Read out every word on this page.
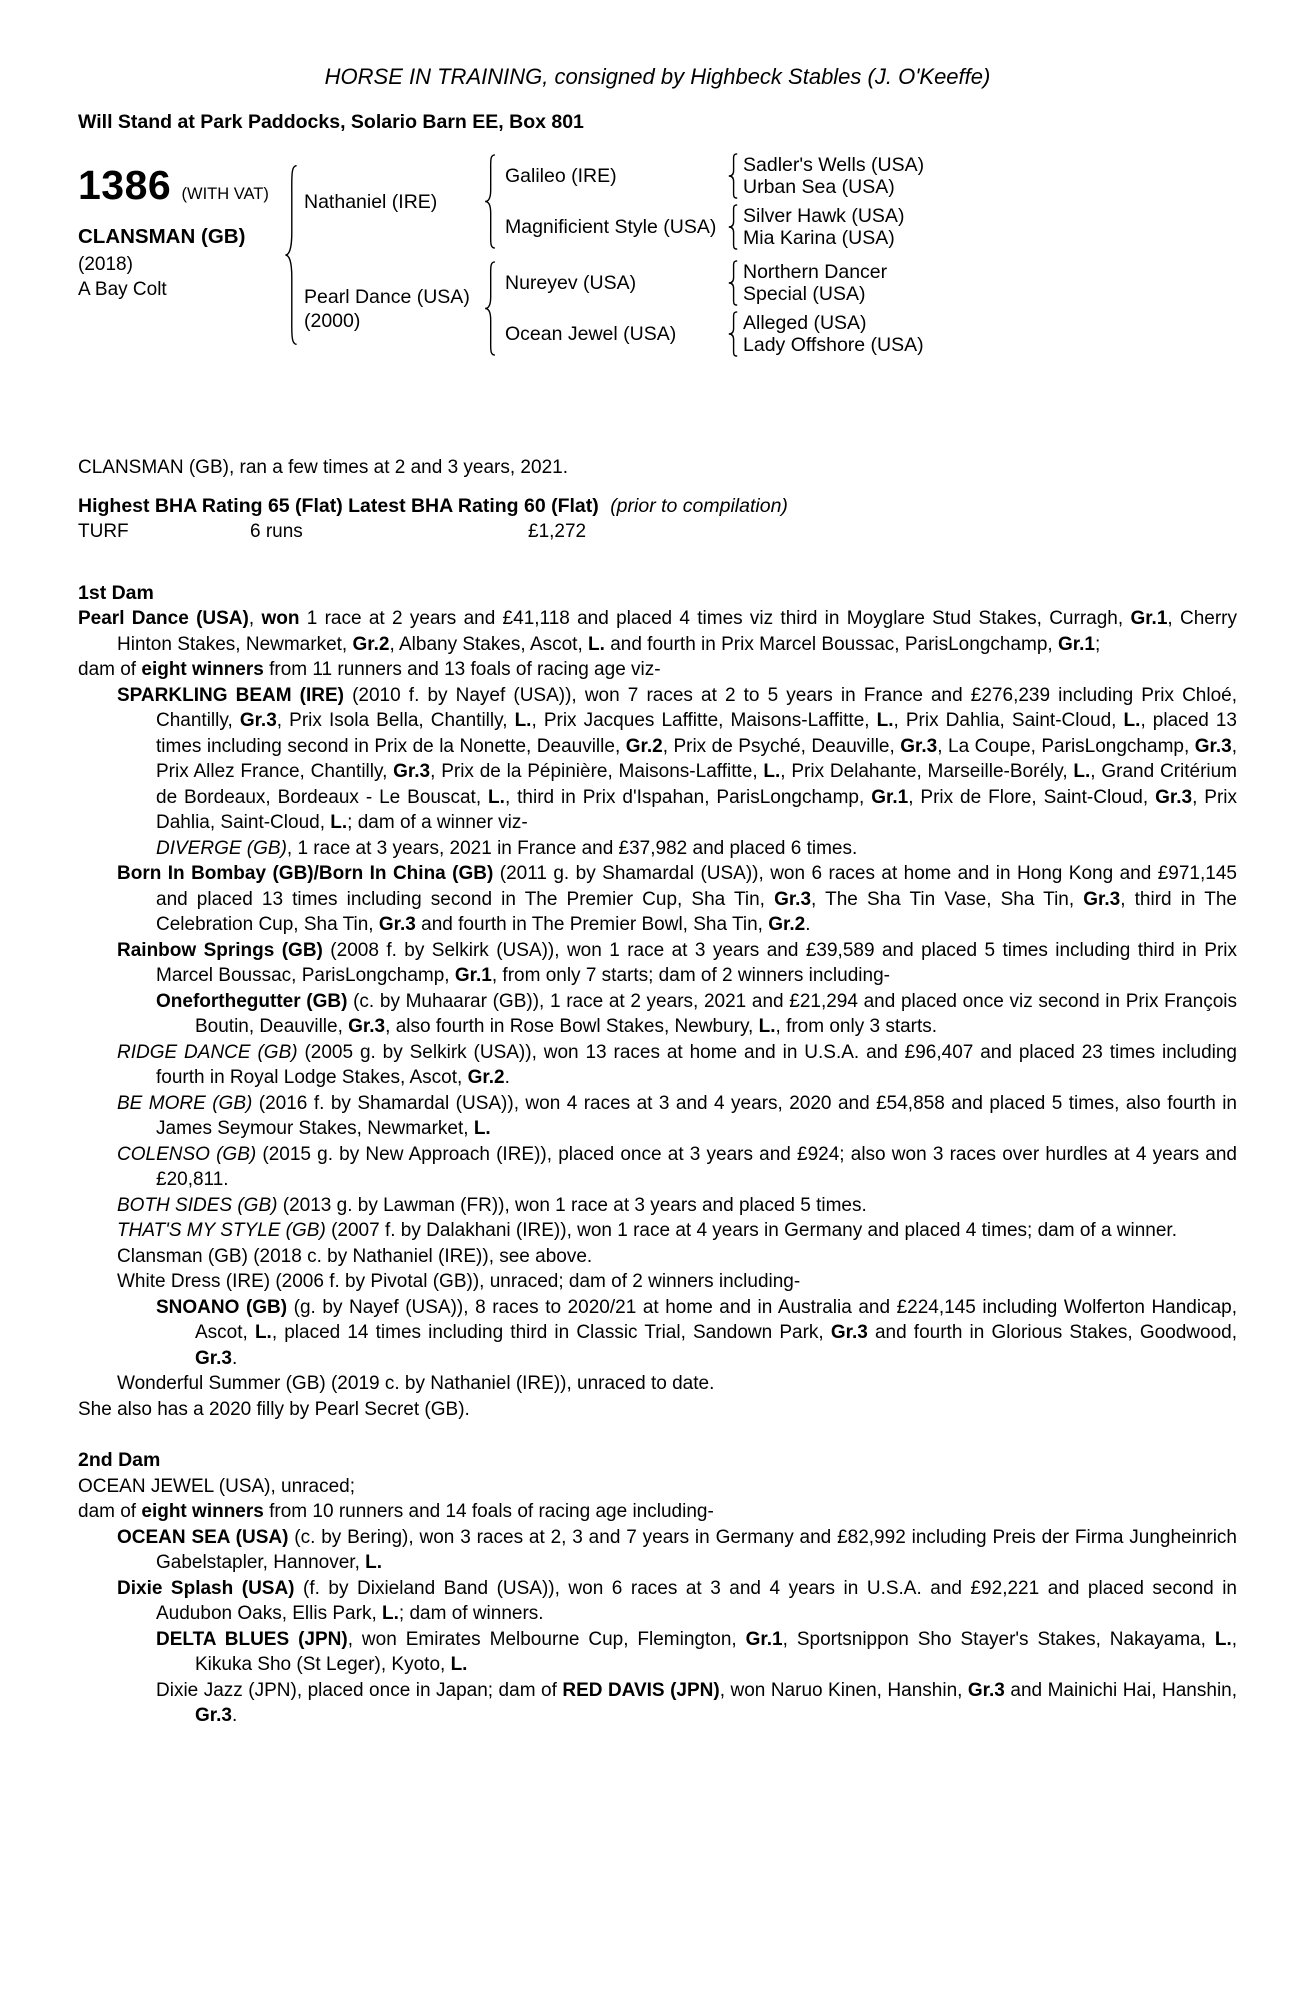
HORSE IN TRAINING, consigned by Highbeck Stables (J. O'Keeffe)
Will Stand at Park Paddocks, Solario Barn EE, Box 801
1386 (WITH VAT)
CLANSMAN (GB)
(2018)
A Bay Colt
Nathaniel (IRE)
Galileo (IRE)	Sadler's Wells (USA)
Urban Sea (USA)
Magnificient Style (USA)	Silver Hawk (USA)
Mia Karina (USA)
Pearl Dance (USA)
(2000)
Nureyev (USA)	Northern Dancer
Special (USA)
Ocean Jewel (USA)	Alleged (USA)
Lady Offshore (USA)
CLANSMAN (GB), ran a few times at 2 and 3 years, 2021.
Highest BHA Rating 65 (Flat) Latest BHA Rating 60 (Flat) (prior to compilation)
TURF	6 runs	£1,272
1st Dam
Pearl Dance (USA), won 1 race at 2 years and £41,118 and placed 4 times viz third in Moyglare Stud Stakes, Curragh, Gr.1, Cherry Hinton Stakes, Newmarket, Gr.2, Albany Stakes, Ascot, L. and fourth in Prix Marcel Boussac, ParisLongchamp, Gr.1;
dam of eight winners from 11 runners and 13 foals of racing age viz-
SPARKLING BEAM (IRE) (2010 f. by Nayef (USA)), won 7 races at 2 to 5 years in France and £276,239 including Prix Chloé, Chantilly, Gr.3, Prix Isola Bella, Chantilly, L., Prix Jacques Laffitte, Maisons-Laffitte, L., Prix Dahlia, Saint-Cloud, L., placed 13 times including second in Prix de la Nonette, Deauville, Gr.2, Prix de Psyché, Deauville, Gr.3, La Coupe, ParisLongchamp, Gr.3, Prix Allez France, Chantilly, Gr.3, Prix de la Pépinière, Maisons-Laffitte, L., Prix Delahante, Marseille-Borély, L., Grand Critérium de Bordeaux, Bordeaux - Le Bouscat, L., third in Prix d'Ispahan, ParisLongchamp, Gr.1, Prix de Flore, Saint-Cloud, Gr.3, Prix Dahlia, Saint-Cloud, L.; dam of a winner viz-
DIVERGE (GB), 1 race at 3 years, 2021 in France and £37,982 and placed 6 times.
Born In Bombay (GB)/Born In China (GB) (2011 g. by Shamardal (USA)), won 6 races at home and in Hong Kong and £971,145 and placed 13 times including second in The Premier Cup, Sha Tin, Gr.3, The Sha Tin Vase, Sha Tin, Gr.3, third in The Celebration Cup, Sha Tin, Gr.3 and fourth in The Premier Bowl, Sha Tin, Gr.2.
Rainbow Springs (GB) (2008 f. by Selkirk (USA)), won 1 race at 3 years and £39,589 and placed 5 times including third in Prix Marcel Boussac, ParisLongchamp, Gr.1, from only 7 starts; dam of 2 winners including-
Oneforthegutter (GB) (c. by Muhaarar (GB)), 1 race at 2 years, 2021 and £21,294 and placed once viz second in Prix François Boutin, Deauville, Gr.3, also fourth in Rose Bowl Stakes, Newbury, L., from only 3 starts.
RIDGE DANCE (GB) (2005 g. by Selkirk (USA)), won 13 races at home and in U.S.A. and £96,407 and placed 23 times including fourth in Royal Lodge Stakes, Ascot, Gr.2.
BE MORE (GB) (2016 f. by Shamardal (USA)), won 4 races at 3 and 4 years, 2020 and £54,858 and placed 5 times, also fourth in James Seymour Stakes, Newmarket, L.
COLENSO (GB) (2015 g. by New Approach (IRE)), placed once at 3 years and £924; also won 3 races over hurdles at 4 years and £20,811.
BOTH SIDES (GB) (2013 g. by Lawman (FR)), won 1 race at 3 years and placed 5 times.
THAT'S MY STYLE (GB) (2007 f. by Dalakhani (IRE)), won 1 race at 4 years in Germany and placed 4 times; dam of a winner.
Clansman (GB) (2018 c. by Nathaniel (IRE)), see above.
White Dress (IRE) (2006 f. by Pivotal (GB)), unraced; dam of 2 winners including-
SNOANO (GB) (g. by Nayef (USA)), 8 races to 2020/21 at home and in Australia and £224,145 including Wolferton Handicap, Ascot, L., placed 14 times including third in Classic Trial, Sandown Park, Gr.3 and fourth in Glorious Stakes, Goodwood, Gr.3.
Wonderful Summer (GB) (2019 c. by Nathaniel (IRE)), unraced to date.
She also has a 2020 filly by Pearl Secret (GB).
2nd Dam
OCEAN JEWEL (USA), unraced;
dam of eight winners from 10 runners and 14 foals of racing age including-
OCEAN SEA (USA) (c. by Bering), won 3 races at 2, 3 and 7 years in Germany and £82,992 including Preis der Firma Jungheinrich Gabelstapler, Hannover, L.
Dixie Splash (USA) (f. by Dixieland Band (USA)), won 6 races at 3 and 4 years in U.S.A. and £92,221 and placed second in Audubon Oaks, Ellis Park, L.; dam of winners.
DELTA BLUES (JPN), won Emirates Melbourne Cup, Flemington, Gr.1, Sportsnippon Sho Stayer's Stakes, Nakayama, L., Kikuka Sho (St Leger), Kyoto, L.
Dixie Jazz (JPN), placed once in Japan; dam of RED DAVIS (JPN), won Naruo Kinen, Hanshin, Gr.3 and Mainichi Hai, Hanshin, Gr.3.
